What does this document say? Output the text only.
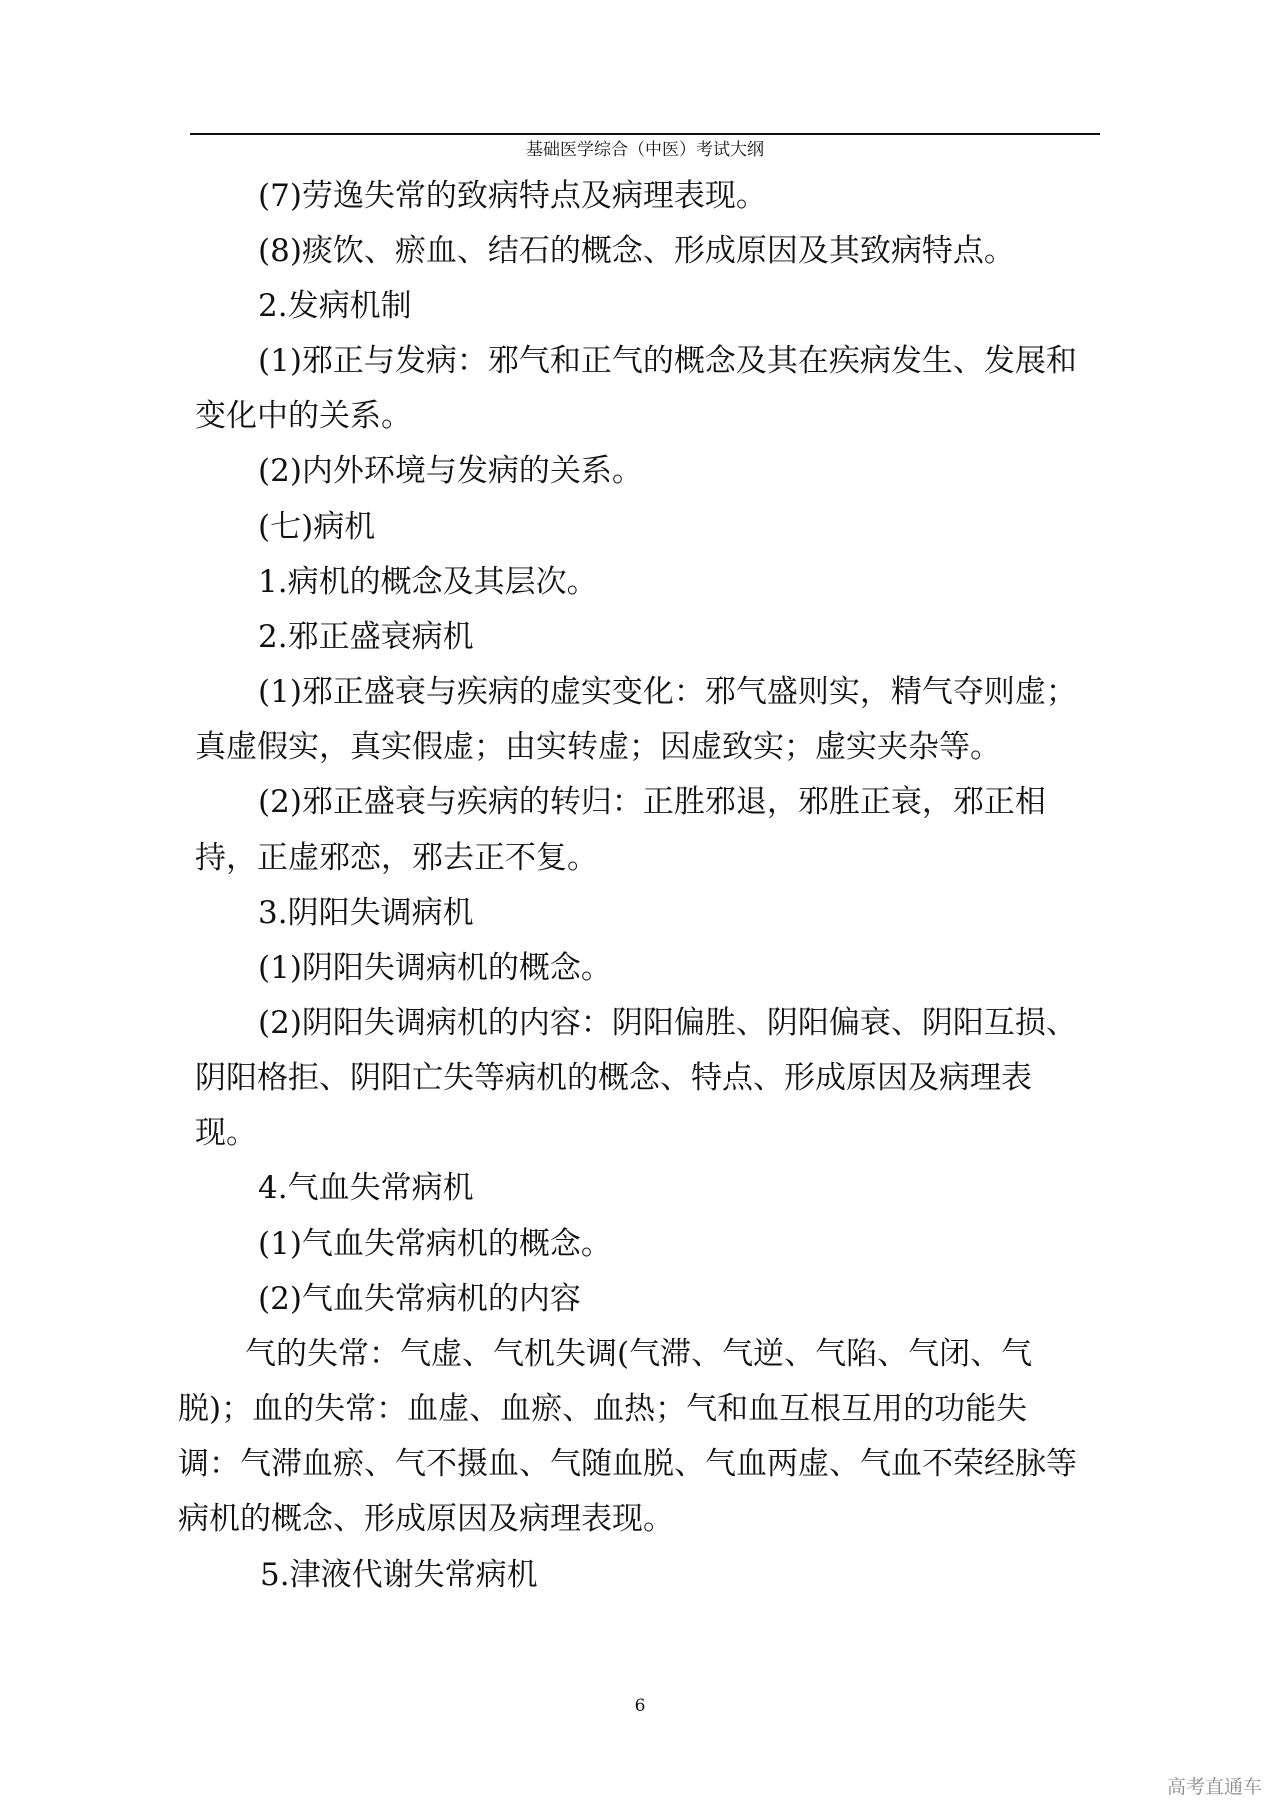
基础医学综合（中医）考试大纲
(7)劳逸失常的致病特点及病理表现。
(8)痰饮、瘀血、结石的概念、形成原因及其致病特点。
2.发病机制
(1)邪正与发病：邪气和正气的概念及其在疾病发生、发展和
变化中的关系。
(2)内外环境与发病的关系。
(七)病机
1.病机的概念及其层次。
2.邪正盛衰病机
(1)邪正盛衰与疾病的虚实变化：邪气盛则实，精气夺则虚；
真虚假实，真实假虚；由实转虚；因虚致实；虚实夹杂等。
(2)邪正盛衰与疾病的转归：正胜邪退，邪胜正衰，邪正相
持，正虚邪恋，邪去正不复。
3.阴阳失调病机
(1)阴阳失调病机的概念。
(2)阴阳失调病机的内容：阴阳偏胜、阴阳偏衰、阴阳互损、
阴阳格拒、阴阳亡失等病机的概念、特点、形成原因及病理表
现。
4.气血失常病机
(1)气血失常病机的概念。
(2)气血失常病机的内容
气的失常：气虚、气机失调(气滞、气逆、气陷、气闭、气
脱)；血的失常：血虚、血瘀、血热；气和血互根互用的功能失
调：气滞血瘀、气不摄血、气随血脱、气血两虚、气血不荣经脉等
病机的概念、形成原因及病理表现。
5.津液代谢失常病机
6
高考直通车
